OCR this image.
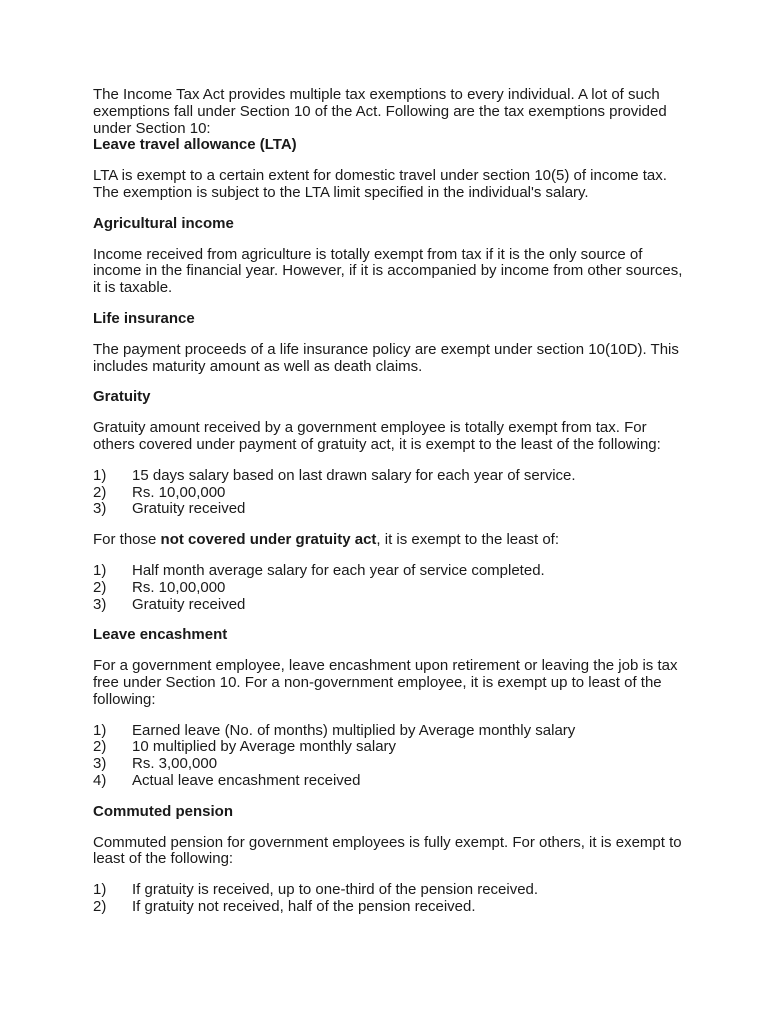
The Income Tax Act provides multiple tax exemptions to every individual. A lot of such exemptions fall under Section 10 of the Act. Following are the tax exemptions provided under Section 10:

Leave travel allowance (LTA)

LTA is exempt to a certain extent for domestic travel under section 10(5) of income tax. The exemption is subject to the LTA limit specified in the individual's salary.

Agricultural income

Income received from agriculture is totally exempt from tax if it is the only source of income in the financial year. However, if it is accompanied by income from other sources, it is taxable.

Life insurance

The payment proceeds of a life insurance policy are exempt under section 10(10D). This includes maturity amount as well as death claims.

Gratuity

Gratuity amount received by a government employee is totally exempt from tax. For others covered under payment of gratuity act, it is exempt to the least of the following:

1)	15 days salary based on last drawn salary for each year of service.
2)	Rs. 10,00,000
3)	Gratuity received

For those not covered under gratuity act, it is exempt to the least of:

1)	Half month average salary for each year of service completed.
2)	Rs. 10,00,000
3)	Gratuity received

Leave encashment

For a government employee, leave encashment upon retirement or leaving the job is tax free under Section 10. For a non-government employee, it is exempt up to least of the following:

1)	Earned leave (No. of months) multiplied by Average monthly salary
2)	10 multiplied by Average monthly salary
3)	Rs. 3,00,000
4)	Actual leave encashment received

Commuted pension

Commuted pension for government employees is fully exempt. For others, it is exempt to least of the following:

1)	If gratuity is received, up to one-third of the pension received.
2)	If gratuity not received, half of the pension received.
